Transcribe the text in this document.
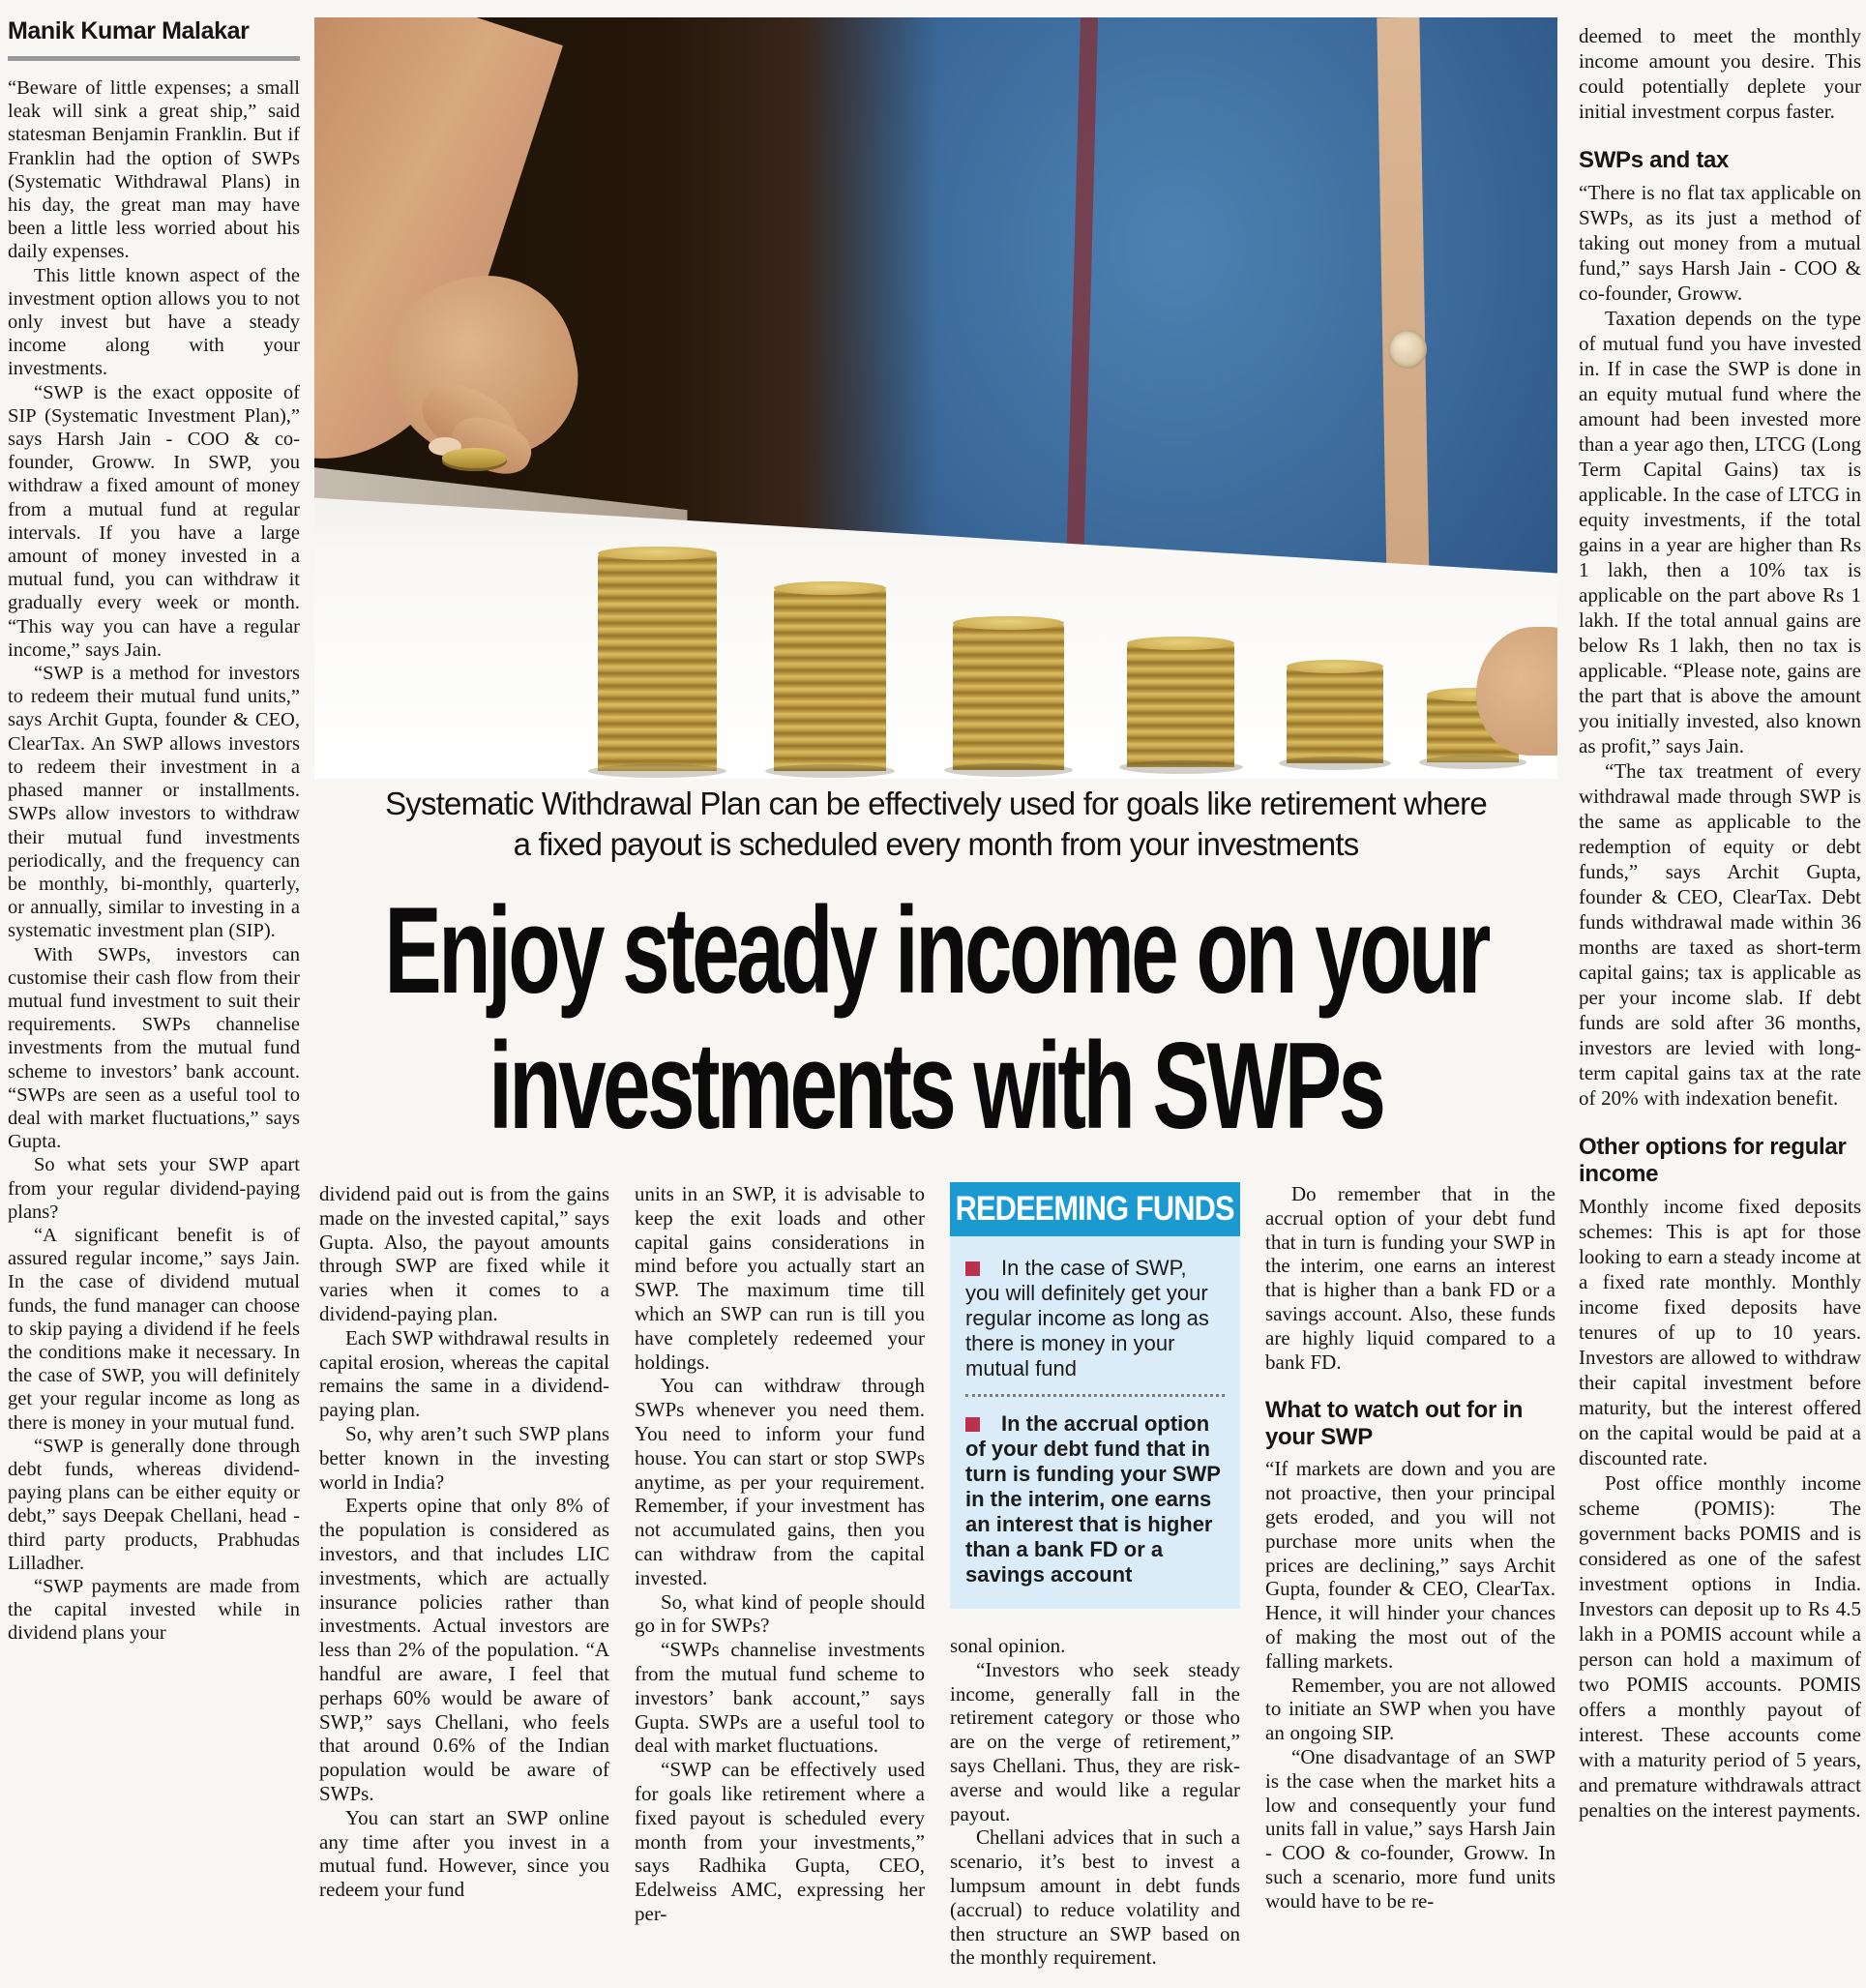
Manik Kumar Malakar

“Beware of little expenses; a small leak will sink a great ship,” said statesman Benjamin Franklin. But if Franklin had the option of SWPs (Systematic Withdrawal Plans) in his day, the great man may have been a little less worried about his daily expenses.

This little known aspect of the investment option allows you to not only invest but have a steady income along with your investments.

“SWP is the exact opposite of SIP (Systematic Investment Plan),” says Harsh Jain - COO & co-founder, Groww. In SWP, you withdraw a fixed amount of money from a mutual fund at regular intervals. If you have a large amount of money invested in a mutual fund, you can withdraw it gradually every week or month. “This way you can have a regular income,” says Jain.

“SWP is a method for investors to redeem their mutual fund units,” says Archit Gupta, founder & CEO, ClearTax. An SWP allows investors to redeem their investment in a phased manner or installments. SWPs allow investors to withdraw their mutual fund investments periodically, and the frequency can be monthly, bi-monthly, quarterly, or annually, similar to investing in a systematic investment plan (SIP).

With SWPs, investors can customise their cash flow from their mutual fund investment to suit their requirements. SWPs channelise investments from the mutual fund scheme to investors’ bank account. “SWPs are seen as a useful tool to deal with market fluctuations,” says Gupta.

So what sets your SWP apart from your regular dividend-paying plans?

“A significant benefit is of assured regular income,” says Jain. In the case of dividend mutual funds, the fund manager can choose to skip paying a dividend if he feels the conditions make it necessary. In the case of SWP, you will definitely get your regular income as long as there is money in your mutual fund.

“SWP is generally done through debt funds, whereas dividend-paying plans can be either equity or debt,” says Deepak Chellani, head - third party products, Prabhudas Lilladher.

“SWP payments are made from the capital invested while in dividend plans your

Systematic Withdrawal Plan can be effectively used for goals like retirement where
a fixed payout is scheduled every month from your investments
Enjoy steady income on your
investments with SWPs

dividend paid out is from the gains made on the invested capital,” says Gupta. Also, the payout amounts through SWP are fixed while it varies when it comes to a dividend-paying plan.

Each SWP withdrawal results in capital erosion, whereas the capital remains the same in a dividend-paying plan.

So, why aren’t such SWP plans better known in the investing world in India?

Experts opine that only 8% of the population is considered as investors, and that includes LIC investments, which are actually insurance policies rather than investments. Actual investors are less than 2% of the population. “A handful are aware, I feel that perhaps 60% would be aware of SWP,” says Chellani, who feels that around 0.6% of the Indian population would be aware of SWPs.

You can start an SWP online any time after you invest in a mutual fund. However, since you redeem your fund

units in an SWP, it is advisable to keep the exit loads and other capital gains considerations in mind before you actually start an SWP. The maximum time till which an SWP can run is till you have completely redeemed your holdings.

You can withdraw through SWPs whenever you need them. You need to inform your fund house. You can start or stop SWPs anytime, as per your requirement. Remember, if your investment has not accumulated gains, then you can withdraw from the capital invested.

So, what kind of people should go in for SWPs?

“SWPs channelise investments from the mutual fund scheme to investors’ bank account,” says Gupta. SWPs are a useful tool to deal with market fluctuations.

“SWP can be effectively used for goals like retirement where a fixed payout is scheduled every month from your investments,” says Radhika Gupta, CEO, Edelweiss AMC, expressing her per-

REDEEMING FUNDS

In the case of SWP, you will definitely get your regular income as long as there is money in your mutual fund

In the accrual option of your debt fund that in turn is funding your SWP in the interim, one earns an interest that is higher than a bank FD or a savings account

sonal opinion.

“Investors who seek steady income, generally fall in the retirement category or those who are on the verge of retirement,” says Chellani. Thus, they are risk-averse and would like a regular payout.

Chellani advices that in such a scenario, it’s best to invest a lumpsum amount in debt funds (accrual) to reduce volatility and then structure an SWP based on the monthly requirement.

Do remember that in the accrual option of your debt fund that in turn is funding your SWP in the interim, one earns an interest that is higher than a bank FD or a savings account. Also, these funds are highly liquid compared to a bank FD.

What to watch out for in your SWP

“If markets are down and you are not proactive, then your principal gets eroded, and you will not purchase more units when the prices are declining,” says Archit Gupta, founder & CEO, ClearTax. Hence, it will hinder your chances of making the most out of the falling markets.

Remember, you are not allowed to initiate an SWP when you have an ongoing SIP.

“One disadvantage of an SWP is the case when the market hits a low and consequently your fund units fall in value,” says Harsh Jain - COO & co-founder, Groww. In such a scenario, more fund units would have to be re-

deemed to meet the monthly income amount you desire. This could potentially deplete your initial investment corpus faster.

SWPs and tax

“There is no flat tax applicable on SWPs, as its just a method of taking out money from a mutual fund,” says Harsh Jain - COO & co-founder, Groww.

Taxation depends on the type of mutual fund you have invested in. If in case the SWP is done in an equity mutual fund where the amount had been invested more than a year ago then, LTCG (Long Term Capital Gains) tax is applicable. In the case of LTCG in equity investments, if the total gains in a year are higher than Rs 1 lakh, then a 10% tax is applicable on the part above Rs 1 lakh. If the total annual gains are below Rs 1 lakh, then no tax is applicable. “Please note, gains are the part that is above the amount you initially invested, also known as profit,” says Jain.

“The tax treatment of every withdrawal made through SWP is the same as applicable to the redemption of equity or debt funds,” says Archit Gupta, founder & CEO, ClearTax. Debt funds withdrawal made within 36 months are taxed as short-term capital gains; tax is applicable as per your income slab. If debt funds are sold after 36 months, investors are levied with long-term capital gains tax at the rate of 20% with indexation benefit.

Other options for regular income

Monthly income fixed deposits schemes: This is apt for those looking to earn a steady income at a fixed rate monthly. Monthly income fixed deposits have tenures of up to 10 years. Investors are allowed to withdraw their capital investment before maturity, but the interest offered on the capital would be paid at a discounted rate.

Post office monthly income scheme (POMIS): The government backs POMIS and is considered as one of the safest investment options in India. Investors can deposit up to Rs 4.5 lakh in a POMIS account while a person can hold a maximum of two POMIS accounts. POMIS offers a monthly payout of interest. These accounts come with a maturity period of 5 years, and premature withdrawals attract penalties on the interest payments.
